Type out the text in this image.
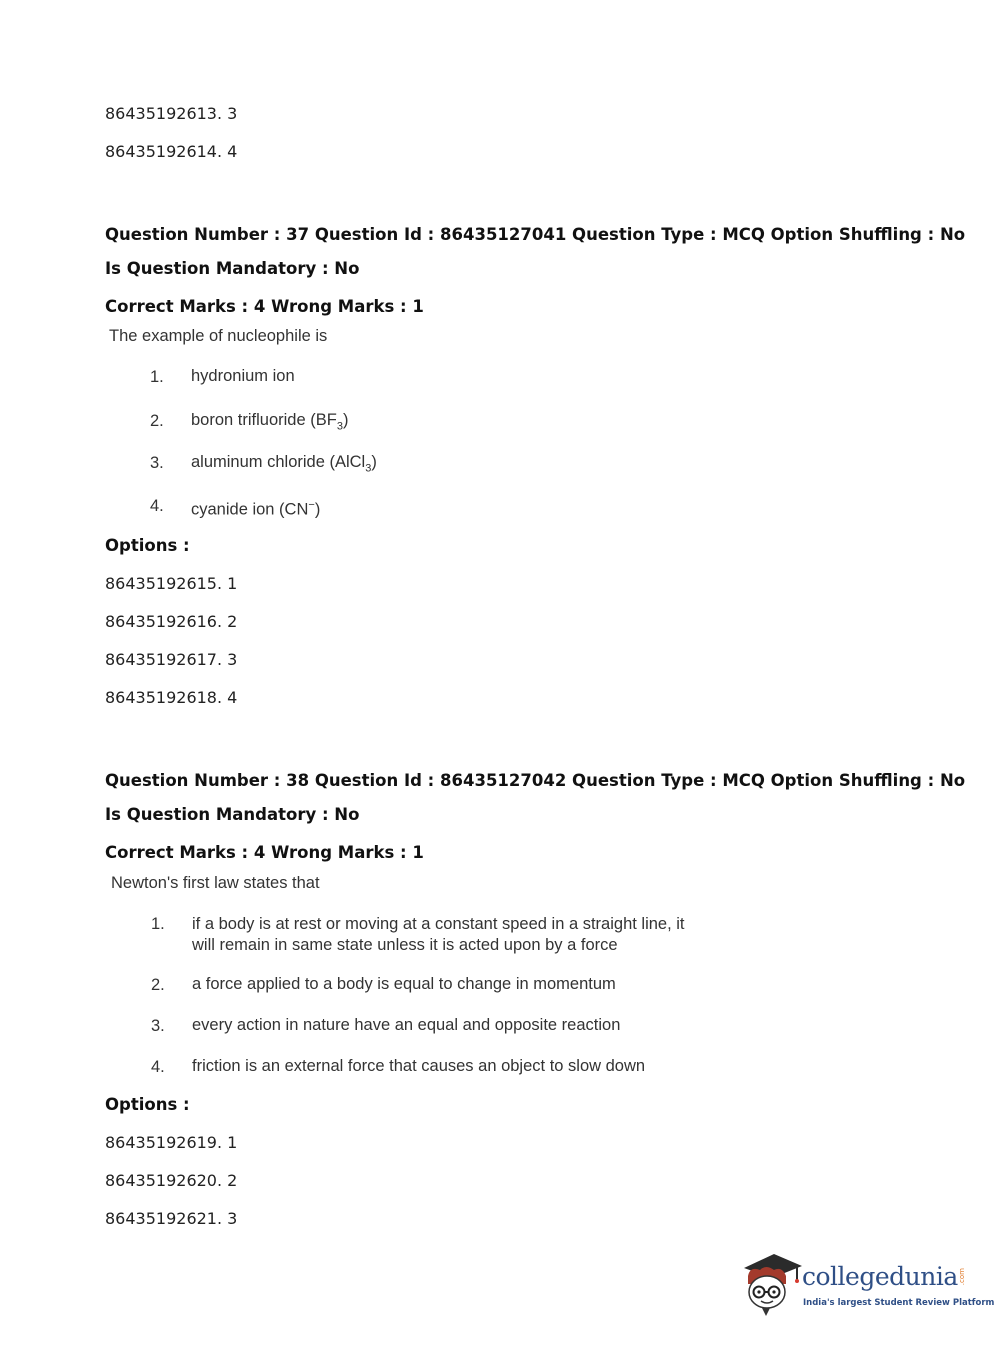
86435192613. 3
86435192614. 4
Question Number : 37 Question Id : 86435127041 Question Type : MCQ Option Shuffling : No
Is Question Mandatory : No
Correct Marks : 4 Wrong Marks : 1
The example of nucleophile is
1. hydronium ion
2. boron trifluoride $(BF_3)$
3. aluminum chloride (AlCl$_3$)
4. cyanide ion (CN−)
Options :
86435192615. 1
86435192616. 2
86435192617. 3
86435192618. 4
Question Number : 38 Question Id : 86435127042 Question Type : MCQ Option Shuffling : No
Is Question Mandatory : No
Correct Marks : 4 Wrong Marks : 1
Newton's first law states that
1. if a body is at rest or moving at a constant speed in a straight line, it
will remain in same state unless it is acted upon by a force
2. a force applied to a body is equal to change in momentum
3. every action in nature have an equal and opposite reaction
4. friction is an external force that causes an object to slow down
Options :
86435192619. 1
86435192620. 2
86435192621. 3
collegedunia .com
India's largest Student Review Platform
